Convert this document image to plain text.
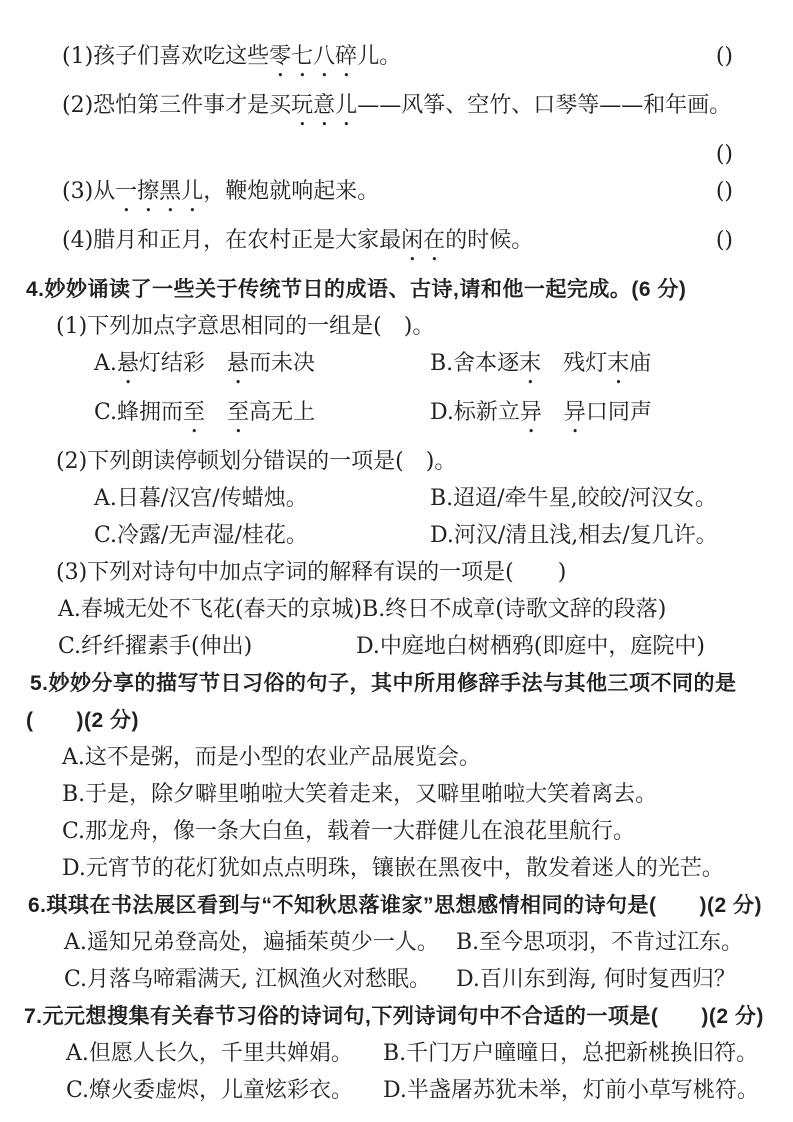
(1)孩子们喜欢吃这些零七八碎儿。	( )
(2)恐怕第三件事才是买玩意儿——风筝、空竹、口琴等——和年画。
( )
(3)从一擦黑儿，鞭炮就响起来。	( )
(4)腊月和正月，在农村正是大家最闲在的时候。	( )
4.妙妙诵读了一些关于传统节日的成语、古诗,请和他一起完成。(6 分)
(1)下列加点字意思相同的一组是(　)。
A.悬灯结彩　悬而未决	B.舍本逐末　残灯末庙
C.蜂拥而至　 至高无上	D.标新立异　 异口同声
(2)下列朗读停顿划分错误的一项是(　)。
A.日暮/汉宫/传蜡烛。	B.迢迢/牵牛星,皎皎/河汉女。
C.冷露/无声湿/桂花。	D.河汉/清且浅,相去/复几许。
(3)下列对诗句中加点字词的解释有误的一项是(　　)
A.春城无处不飞花(春天的京城) B.终日不成章(诗歌文辞的段落)
C.纤纤擢素手(伸出)	D.中庭地白树栖鸦(即庭中，庭院中)
5.妙妙分享的描写节日习俗的句子，其中所用修辞手法与其他三项不同的是
(　　)(2 分)
A.这不是粥，而是小型的农业产品展览会。
B.于是，除夕噼里啪啦大笑着走来，又噼里啪啦大笑着离去。
C.那龙舟，像一条大白鱼，载着一大群健儿在浪花里航行。
D.元宵节的花灯犹如点点明珠，镶嵌在黑夜中，散发着迷人的光芒。
6.琪琪在书法展区看到与“不知秋思落谁家”思想感情相同的诗句是(　　)(2 分)
A.遥知兄弟登高处，遍插茱萸少一人。 B.至今思项羽，不肯过江东。
C.月落乌啼霜满天, 江枫渔火对愁眠。	D.百川东到海, 何时复西归？
7.元元想搜集有关春节习俗的诗词句,下列诗词句中不合适的一项是(　　)(2 分)
A.但愿人长久，千里共婵娟。	B.千门万户曈曈日，总把新桃换旧符。
C.燎火委虚烬，儿童炫彩衣。	D.半盏屠苏犹未举，灯前小草写桃符。
